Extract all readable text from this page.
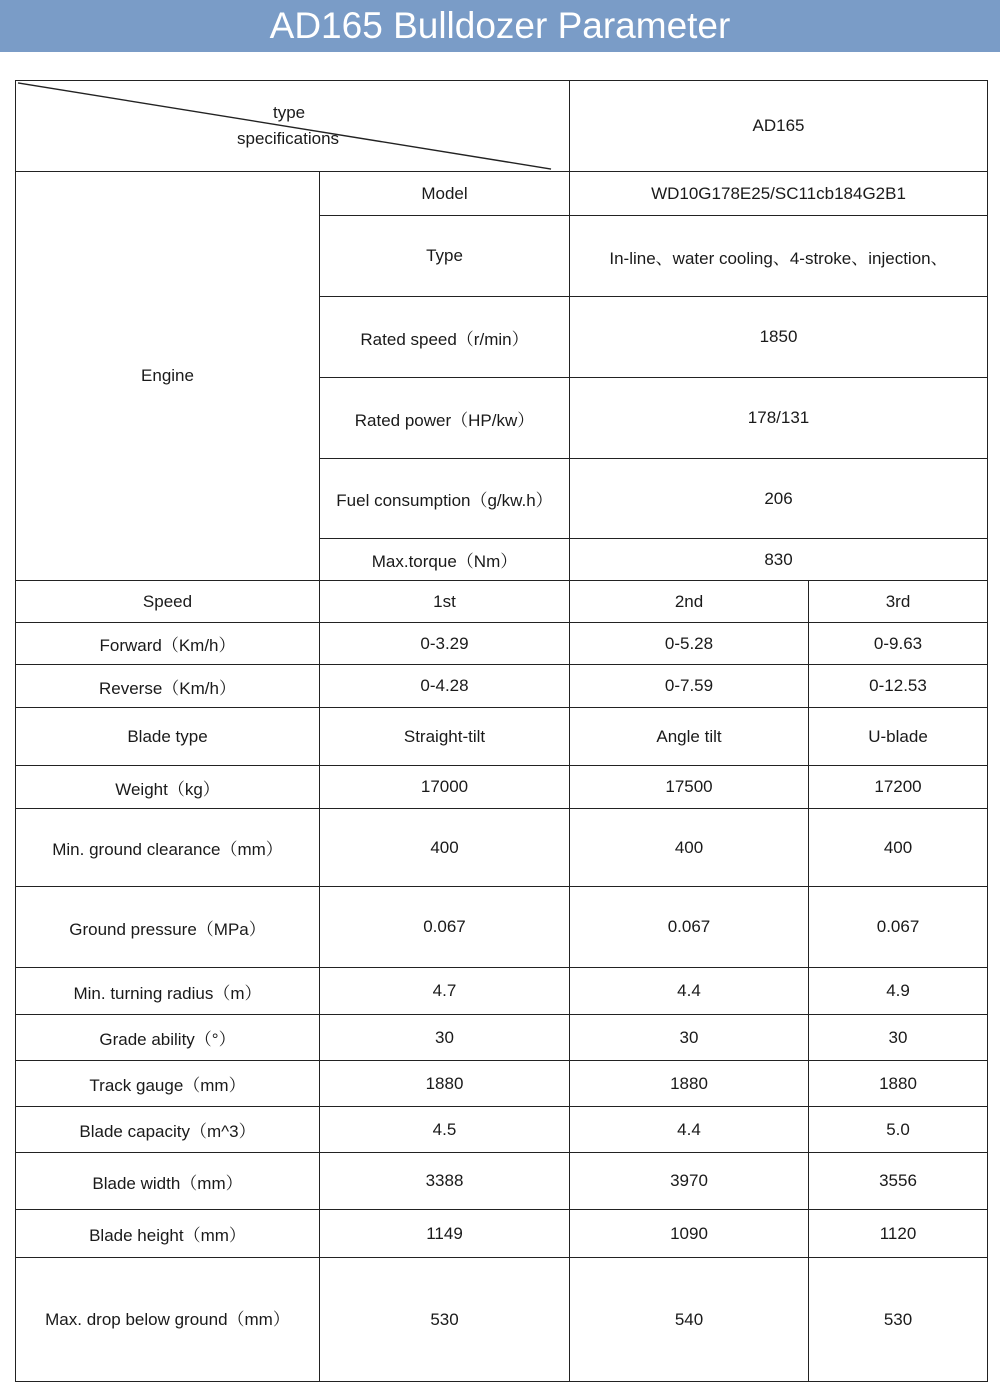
AD165 Bulldozer Parameter
type
specifications		AD165	
Engine	Model	WD10G178E25/SC11cb184G2B1	
	Type	In-line、water cooling、4-stroke、injection、	
	Rated speed（r/min）	1850	
	Rated power（HP/kw）	178/131	
	Fuel consumption（g/kw.h）	206	
	Max.torque（Nm）	830	
Speed	1st	2nd	3rd
Forward（Km/h）	0-3.29	0-5.28	0-9.63
Reverse（Km/h）	0-4.28	0-7.59	0-12.53
Blade type	Straight-tilt	Angle tilt	U-blade
Weight（kg）	17000	17500	17200
Min. ground clearance（mm）	400	400	400
Ground pressure（MPa）	0.067	0.067	0.067
Min. turning radius（m）	4.7	4.4	4.9
Grade ability（°）	30	30	30
Track gauge（mm）	1880	1880	1880
Blade capacity（m^3）	4.5	4.4	5.0
Blade width（mm）	3388	3970	3556
Blade height（mm）	1149	1090	1120
Max. drop below ground（mm）	530	540	530
